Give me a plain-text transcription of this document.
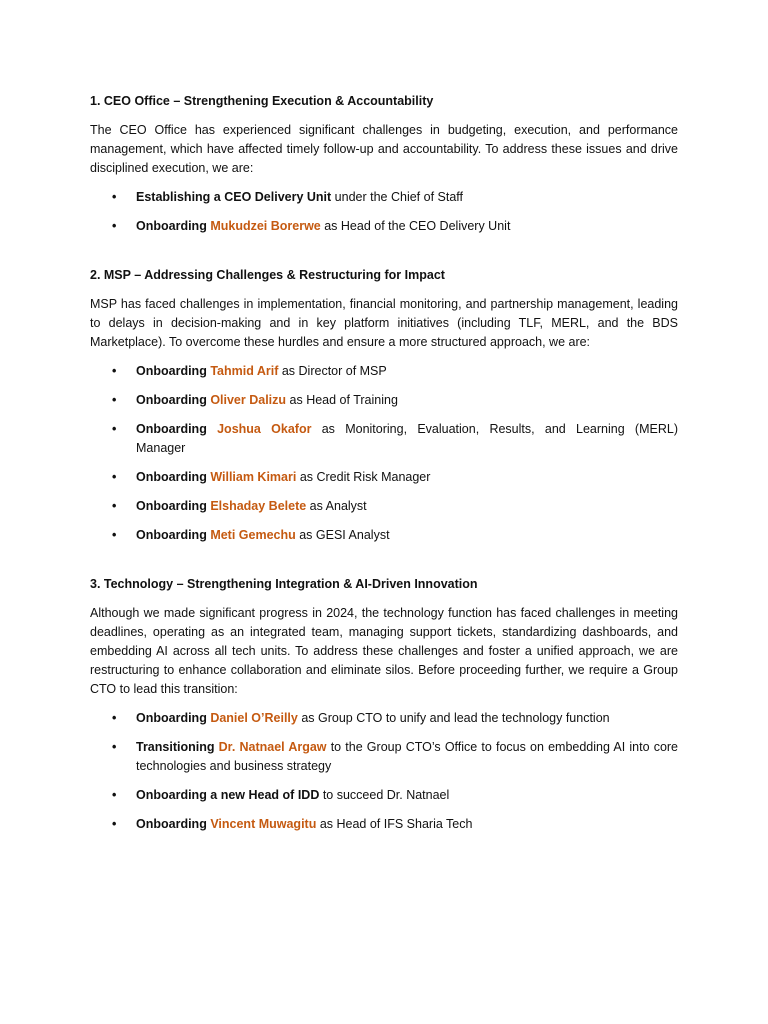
1. CEO Office – Strengthening Execution & Accountability

The CEO Office has experienced significant challenges in budgeting, execution, and performance management, which have affected timely follow-up and accountability. To address these issues and drive disciplined execution, we are:

• Establishing a CEO Delivery Unit under the Chief of Staff
• Onboarding Mukudzei Borerwe as Head of the CEO Delivery Unit
2. MSP – Addressing Challenges & Restructuring for Impact

MSP has faced challenges in implementation, financial monitoring, and partnership management, leading to delays in decision-making and in key platform initiatives (including TLF, MERL, and the BDS Marketplace). To overcome these hurdles and ensure a more structured approach, we are:

• Onboarding Tahmid Arif as Director of MSP
• Onboarding Oliver Dalizu as Head of Training
• Onboarding Joshua Okafor as Monitoring, Evaluation, Results, and Learning (MERL) Manager
• Onboarding William Kimari as Credit Risk Manager
• Onboarding Elshaday Belete as Analyst
• Onboarding Meti Gemechu as GESI Analyst
3. Technology – Strengthening Integration & AI-Driven Innovation

Although we made significant progress in 2024, the technology function has faced challenges in meeting deadlines, operating as an integrated team, managing support tickets, standardizing dashboards, and embedding AI across all tech units. To address these challenges and foster a unified approach, we are restructuring to enhance collaboration and eliminate silos. Before proceeding further, we require a Group CTO to lead this transition:

• Onboarding Daniel O’Reilly as Group CTO to unify and lead the technology function
• Transitioning Dr. Natnael Argaw to the Group CTO’s Office to focus on embedding AI into core technologies and business strategy
• Onboarding a new Head of IDD to succeed Dr. Natnael
• Onboarding Vincent Muwagitu as Head of IFS Sharia Tech
